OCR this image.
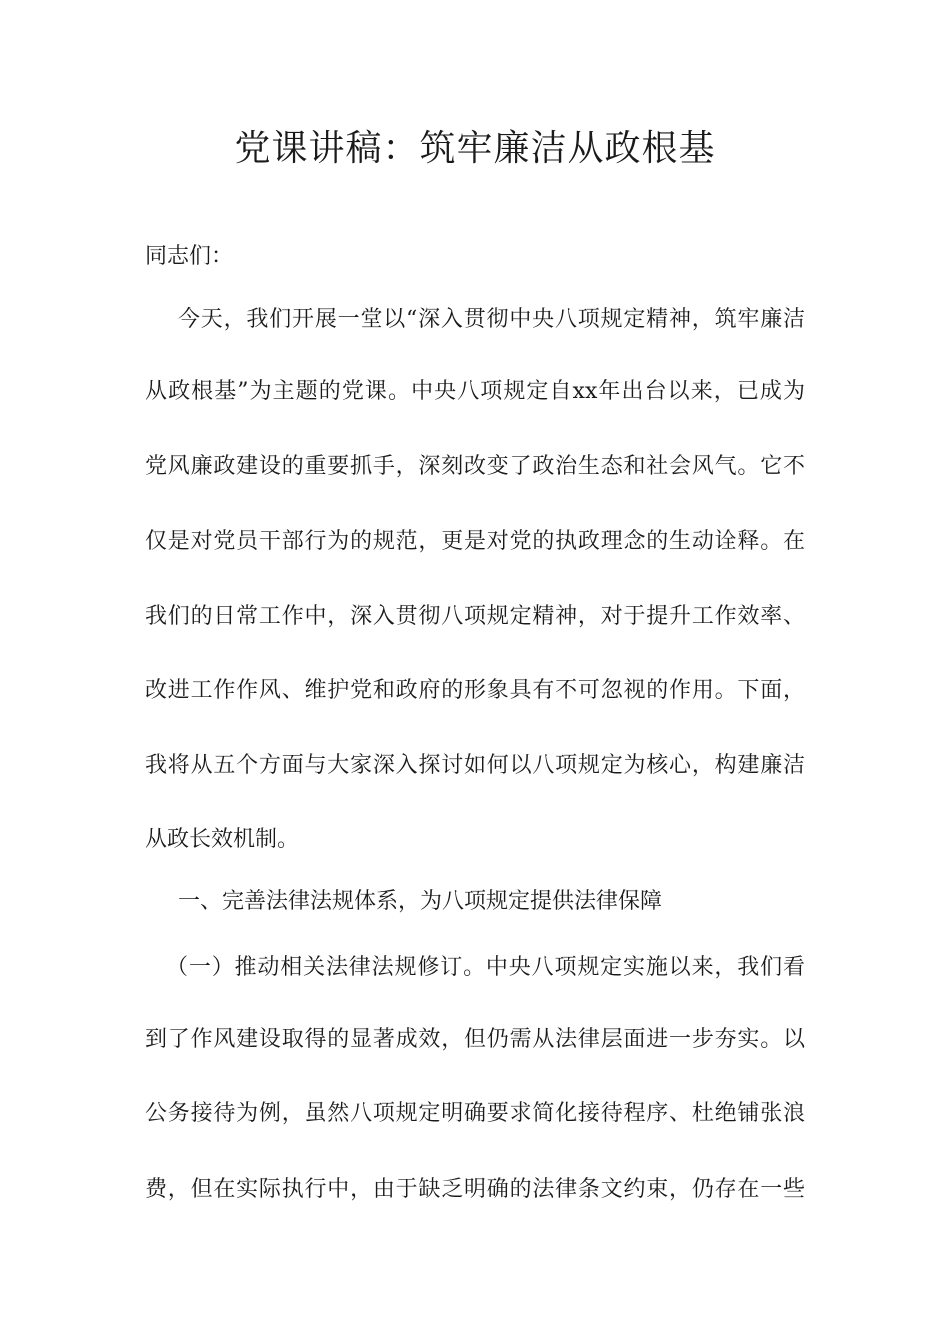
党课讲稿：筑牢廉洁从政根基
同志们：
今天，我们开展一堂以“深入贯彻中央八项规定精神，筑牢廉洁
从政根基”为主题的党课。中央八项规定自xx年出台以来，已成为
党风廉政建设的重要抓手，深刻改变了政治生态和社会风气。它不
仅是对党员干部行为的规范，更是对党的执政理念的生动诠释。在
我们的日常工作中，深入贯彻八项规定精神，对于提升工作效率、
改进工作作风、维护党和政府的形象具有不可忽视的作用。下面，
我将从五个方面与大家深入探讨如何以八项规定为核心，构建廉洁
从政长效机制。
一、完善法律法规体系，为八项规定提供法律保障
（一）推动相关法律法规修订。中央八项规定实施以来，我们看
到了作风建设取得的显著成效，但仍需从法律层面进一步夯实。以
公务接待为例，虽然八项规定明确要求简化接待程序、杜绝铺张浪
费，但在实际执行中，由于缺乏明确的法律条文约束，仍存在一些
